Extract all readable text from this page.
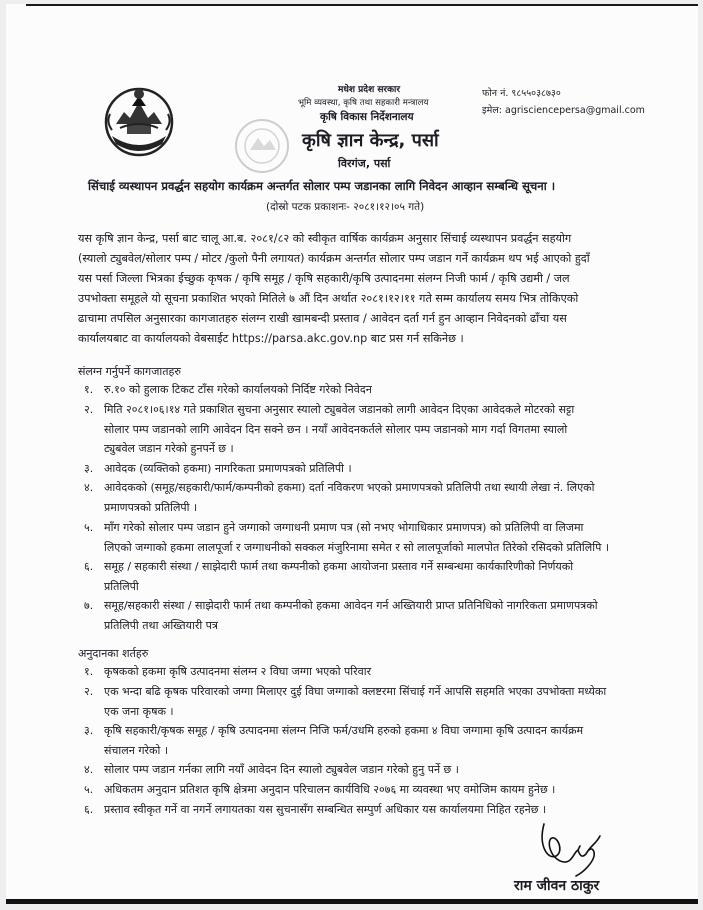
मधेश प्रदेश सरकार
भूमि व्यवस्था, कृषि तथा सहकारी मन्त्रालय
कृषि विकास निर्देशनालय
कृषि ज्ञान केन्द्र, पर्सा
विरगंज, पर्सा
फोन नं. ९८५५०३८७३०
इमेल: agrisciencepersa@gmail.com
सिंचाई व्यस्थापन प्रवर्द्धन सहयोग कार्यक्रम अन्तर्गत सोलार पम्प जडानका लागि निवेदन आव्हान सम्बन्धि सूचना ।
(दोस्रो पटक प्रकाशनः- २०८१।१२।०५ गते)
यस कृषि ज्ञान केन्द्र, पर्सा बाट चालू आ.ब. २०८१/८२ को स्वीकृत वार्षिक कार्यक्रम अनुसार सिंचाई व्यस्थापन प्रवर्द्धन सहयोग
(स्यालो ट्युबवेल/सोलार पम्प / मोटर /कुलो पैनी लगायत) कार्यक्रम अन्तर्गत सोलार पम्प जडान गर्ने कार्यक्रम थप भई आएको हुदाँ
यस पर्सा जिल्ला भित्रका ईच्छुक कृषक / कृषि समूह / कृषि सहकारी/कृषि उत्पादनमा संलग्न निजी फार्म / कृषि उद्यमी / जल
उपभोक्ता समूहले यो सूचना प्रकाशित भएको मितिले ७ औं दिन अर्थात २०८१।१२।११ गते सम्म कार्यालय समय भित्र तोकिएको
ढाचामा तपसिल अनुसारका कागजातहरु संलग्न राखी खामबन्दी प्रस्ताव / आवेदन दर्ता गर्न हुन आव्हान निवेदनको ढाँचा यस
कार्यालयबाट वा कार्यालयको वेबसाईट https://parsa.akc.gov.np बाट प्रस गर्न सकिनेछ ।
संलग्न गर्नुपर्ने कागजातहरु
१. रु.१० को हुलाक टिकट टाँस गरेको कार्यालयको निर्दिष्ट गरेको निवेदन
२. मिति २०८१।०६।१४ गते प्रकाशित सुचना अनुसार स्यालो ट्युबवेल जडानको लागी आवेदन दिएका आवेदकले मोटरको सट्टा
सोलार पम्प जडानको लागि आवेदन दिन सक्ने छन । नयाँ आवेदनकर्तले सोलार पम्प जडानको माग गर्दा विगतमा स्यालो
ट्युबवेल जडान गरेको हुनपर्ने छ ।
३. आवेदक (व्यक्तिको हकमा) नागरिकता प्रमाणपत्रको प्रतिलिपी ।
४. आवेदकको (समूह/सहकारी/फार्म/कम्पनीको हकमा) दर्ता नविकरण भएको प्रमाणपत्रको प्रतिलिपी तथा स्थायी लेखा नं. लिएको
प्रमाणपत्रको प्रतिलिपी ।
५. माँग गरेको सोलार पम्प जडान हुने जग्गाको जग्गाधनी प्रमाण पत्र (सो नभए भोगाधिकार प्रमाणपत्र) को प्रतिलिपी वा लिजमा
लिएको जग्गाको हकमा लालपूर्जा र जग्गाधनीको सक्कल मंजुरिनामा समेत र सो लालपूर्जाको मालपोत तिरेको रसिदको प्रतिलिपि ।
६. समूह / सहकारी संस्था / साझेदारी फार्म तथा कम्पनीको हकमा आयोजना प्रस्ताव गर्ने सम्बन्धमा कार्यकारिणीको निर्णयको
प्रतिलिपी
७. समूह/सहकारी संस्था / साझेदारी फार्म तथा कम्पनीको हकमा आवेदन गर्न अख्तियारी प्राप्त प्रतिनिधिको नागरिकता प्रमाणपत्रको
प्रतिलिपी तथा अख्तियारी पत्र
अनुदानका शर्तहरु
१. कृषकको हकमा कृषि उत्पादनमा संलग्न २ विघा जग्गा भएको परिवार
२. एक भन्दा बढि कृषक परिवारको जग्गा मिलाएर दुई विघा जग्गाको क्लष्टरमा सिंचाई गर्ने आपसि सहमति भएका उपभोक्ता मध्येका
एक जना कृषक ।
३. कृषि सहकारी/कृषक समूह / कृषि उत्पादनमा संलग्न निजि फर्म/उधमि हरुको हकमा ४ विघा जग्गामा कृषि उत्पादन कार्यक्रम
संचालन गरेको ।
४. सोलार पम्प जडान गर्नका लागि नयाँ आवेदन दिन स्यालो ट्युबवेल जडान गरेको हुनु पर्ने छ ।
५. अधिकतम अनुदान प्रतिशत कृषि क्षेत्रमा अनुदान परिचालन कार्यविधि २०७६ मा व्यवस्था भए वमोजिम कायम हुनेछ ।
६. प्रस्ताव स्वीकृत गर्ने वा नगर्ने लगायतका यस सुचनासँग सम्बन्धित सम्पुर्ण अधिकार यस कार्यालयमा निहित रहनेछ ।
राम जीवन ठाकुर
